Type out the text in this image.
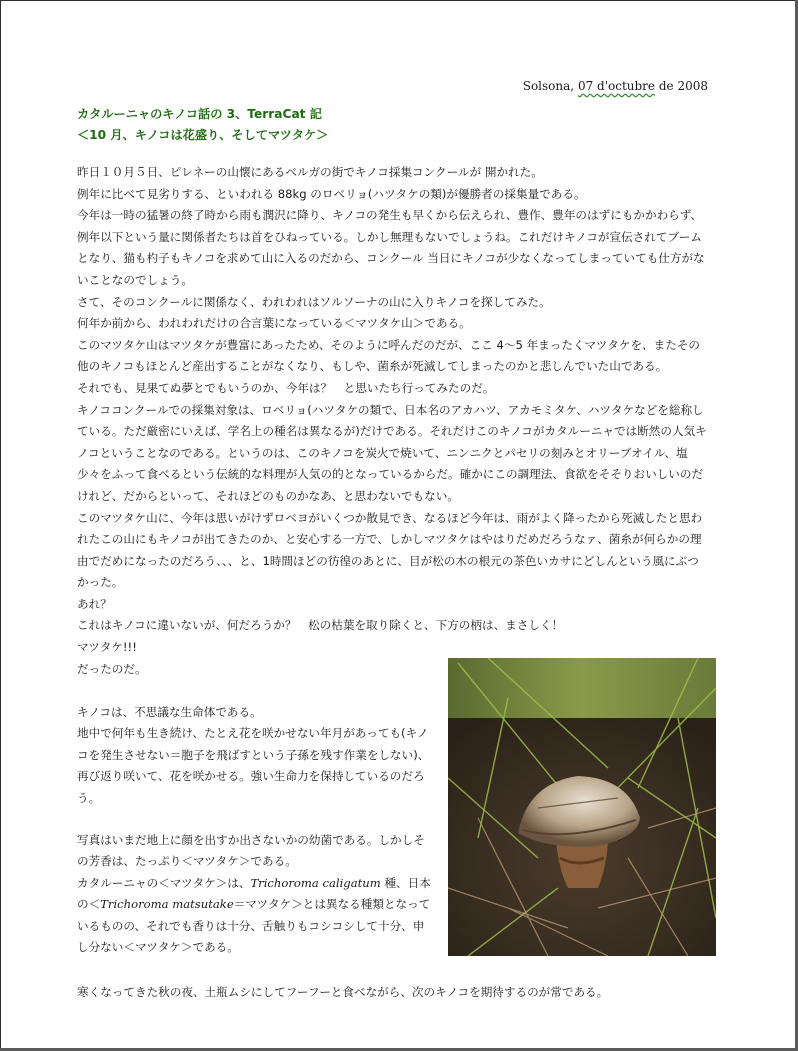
Solsona, 07 d'octubre de 2008
カタルーニャのキノコ話の 3、TerraCat 記
＜10 月、キノコは花盛り、そしてマツタケ＞

昨日１０月５日、ピレネーの山懐にあるベルガの街でキノコ採集コンクールが 開かれた。

例年に比べて見劣りする、といわれる 88kg のロベリョ(ハツタケの類)が優勝者の採集量である。

今年は一時の猛暑の終了時から雨も潤沢に降り、キノコの発生も早くから伝えられ、豊作、豊年のはずにもかかわらず、例年以下という量に関係者たちは首をひねっている。しかし無理もないでしょうね。これだけキノコが宣伝されてブームとなり、猫も杓子もキノコを求めて山に入るのだから、コンクール 当日にキノコが少なくなってしまっていても仕方がないことなのでしょう。

さて、そのコンクールに関係なく、われわれはソルソーナの山に入りキノコを探してみた。

何年か前から、われわれだけの合言葉になっている＜マツタケ山＞である。

このマツタケ山はマツタケが豊富にあったため、そのように呼んだのだが、ここ 4〜5 年まったくマツタケを、またその他のキノコもほとんど産出することがなくなり、もしや、菌糸が死滅してしまったのかと悲しんでいた山である。

それでも、見果てぬ夢とでもいうのか、今年は？　と思いたち行ってみたのだ。

キノココンクールでの採集対象は、ロベリョ(ハツタケの類で、日本名のアカハツ、アカモミタケ、ハツタケなどを総称している。ただ厳密にいえば、学名上の種名は異なるが)だけである。それだけこのキノコがカタルーニャでは断然の人気キノコということなのである。というのは、このキノコを炭火で焼いて、ニンニクとパセリの刻みとオリーブオイル、塩少々をふって食べるという伝統的な料理が人気の的となっているからだ。確かにこの調理法、食欲をそそりおいしいのだけれど、だからといって、それほどのものかなあ、と思わないでもない。

このマツタケ山に、今年は思いがけずロベヨがいくつか散見でき、なるほど今年は、雨がよく降ったから死滅したと思われたこの山にもキノコが出てきたのか、と安心する一方で、しかしマツタケはやはりだめだろうなァ、菌糸が何らかの理由でだめになったのだろう、、、と、1時間ほどの彷徨のあとに、目が松の木の根元の茶色いカサにどしんという風にぶつかった。

あれ？

これはキノコに違いないが、何だろうか？　松の枯葉を取り除くと、下方の柄は、まさしく！

マツタケ!!!

だったのだ。

キノコは、不思議な生命体である。

地中で何年も生き続け、たとえ花を咲かせない年月があっても(キノコを発生させない＝胞子を飛ばすという子孫を残す作業をしない)、再び返り咲いて、花を咲かせる。強い生命力を保持しているのだろう。

写真はいまだ地上に顔を出すか出さないかの幼菌である。しかしその芳香は、たっぷり＜マツタケ＞である。

カタルーニャの＜マツタケ＞は、Trichoroma caligatum 種、日本の＜Trichoroma matsutake＝マツタケ＞とは異なる種類となっているものの、それでも香りは十分、舌触りもコシコシして十分、申し分ない＜マツタケ＞である。

寒くなってきた秋の夜、土瓶ムシにしてフーフーと食べながら、次のキノコを期待するのが常である。
